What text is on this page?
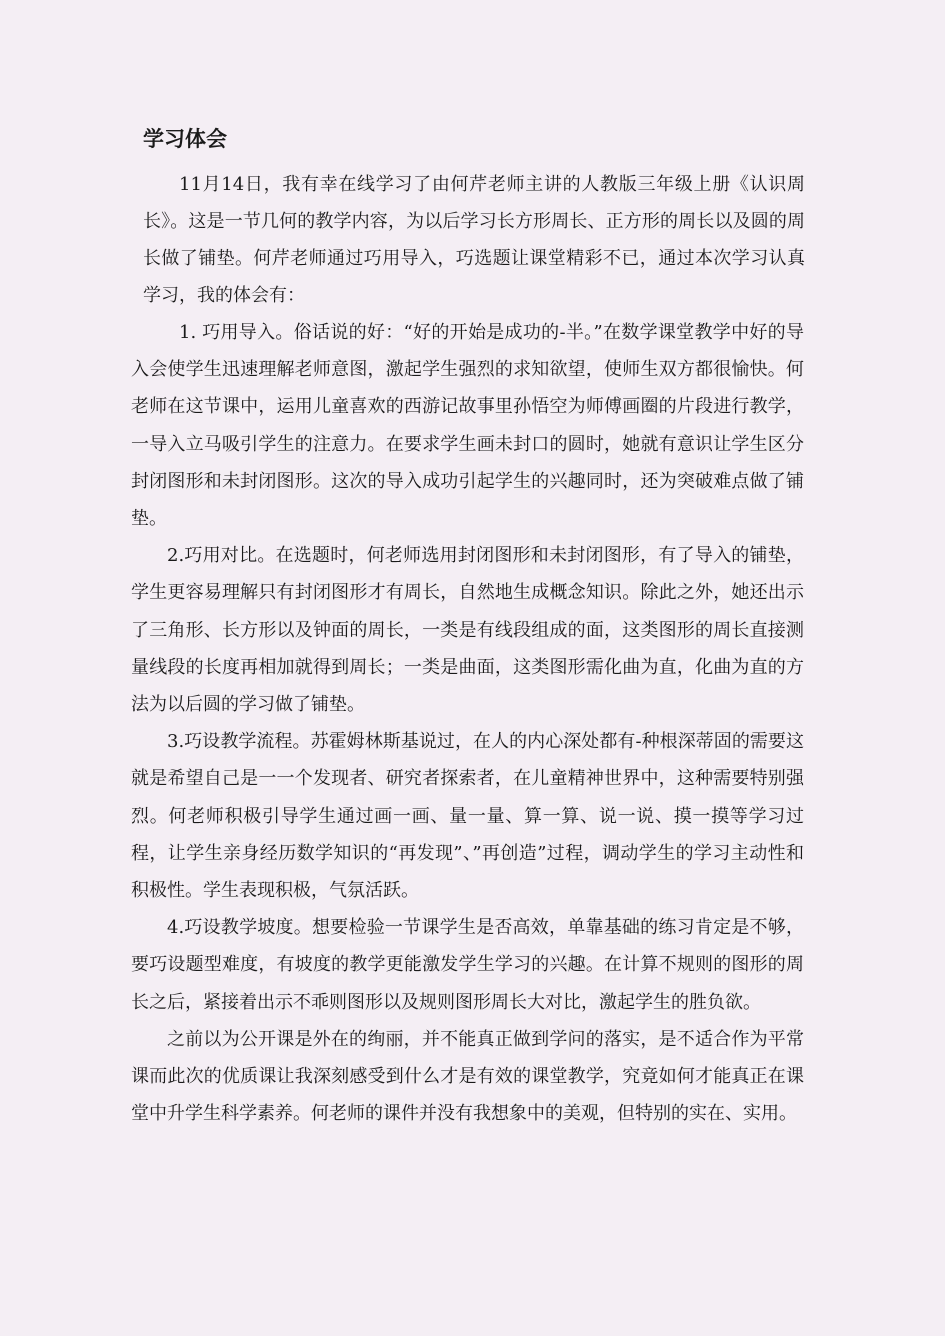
学习体会

11月14日，我有幸在线学习了由何芹老师主讲的人教版三年级上册《认识周长》。这是一节几何的教学内容，为以后学习长方形周长、正方形的周长以及圆的周长做了铺垫。何芹老师通过巧用导入，巧选题让课堂精彩不已，通过本次学习认真学习，我的体会有：

1. 巧用导入。俗话说的好：“好的开始是成功的-半。”在数学课堂教学中好的导入会使学生迅速理解老师意图，激起学生强烈的求知欲望，使师生双方都很愉快。何老师在这节课中，运用儿童喜欢的西游记故事里孙悟空为师傅画圈的片段进行教学，一导入立马吸引学生的注意力。在要求学生画未封口的圆时，她就有意识让学生区分封闭图形和未封闭图形。这次的导入成功引起学生的兴趣同时，还为突破难点做了铺垫。

2.巧用对比。在选题时，何老师选用封闭图形和未封闭图形，有了导入的铺垫，学生更容易理解只有封闭图形才有周长，自然地生成概念知识。除此之外，她还出示了三角形、长方形以及钟面的周长，一类是有线段组成的面，这类图形的周长直接测量线段的长度再相加就得到周长；一类是曲面，这类图形需化曲为直，化曲为直的方法为以后圆的学习做了铺垫。

3.巧设教学流程。苏霍姆林斯基说过，在人的内心深处都有-种根深蒂固的需要这就是希望自己是一一个发现者、研究者探索者，在儿童精神世界中，这种需要特别强烈。何老师积极引导学生通过画一画、量一量、算一算、说一说、摸一摸等学习过程，让学生亲身经历数学知识的“再发现”、”再创造”过程，调动学生的学习主动性和积极性。学生表现积极，气氛活跃。

4.巧设教学坡度。想要检验一节课学生是否高效，单靠基础的练习肯定是不够，要巧设题型难度，有坡度的教学更能激发学生学习的兴趣。在计算不规则的图形的周长之后，紧接着出示不乖则图形以及规则图形周长大对比，激起学生的胜负欲。

之前以为公开课是外在的绚丽，并不能真正做到学问的落实，是不适合作为平常课而此次的优质课让我深刻感受到什么才是有效的课堂教学，究竟如何才能真正在课堂中升学生科学素养。何老师的课件并没有我想象中的美观，但特别的实在、实用。
